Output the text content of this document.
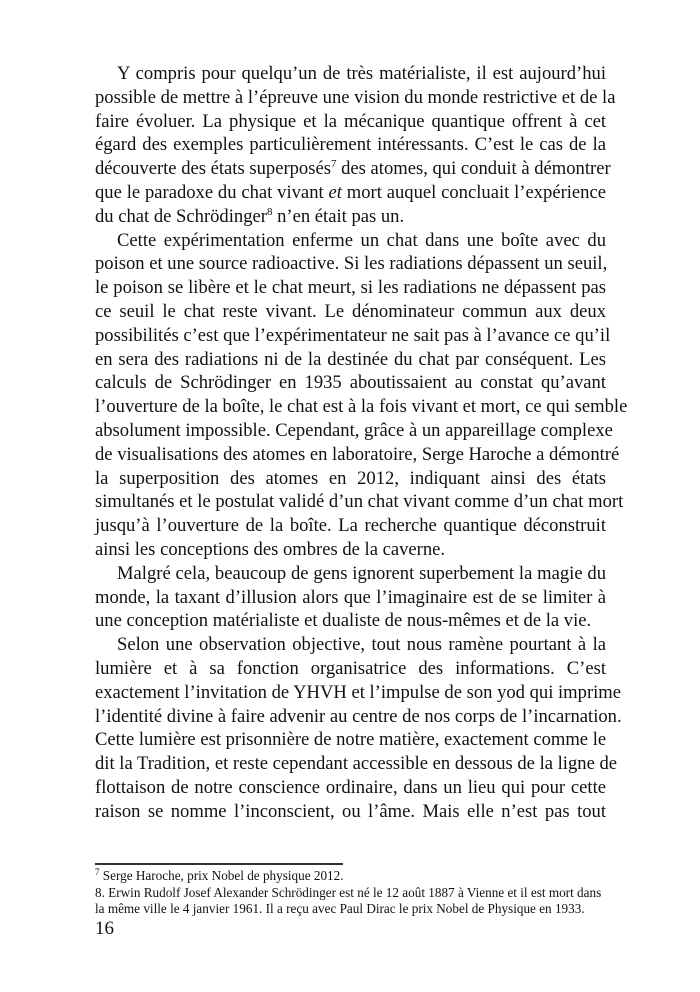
Y compris pour quelqu’un de très matérialiste, il est aujourd’hui
possible de mettre à l’épreuve une vision du monde restrictive et de la
faire évoluer. La physique et la mécanique quantique offrent à cet
égard des exemples particulièrement intéressants. C’est le cas de la
découverte des états superposés$^7$ des atomes, qui conduit à démontrer
que le paradoxe du chat vivant et mort auquel concluait l’expérience
du chat de Schrödinger$^8$ n’en était pas un.
Cette expérimentation enferme un chat dans une boîte avec du
poison et une source radioactive. Si les radiations dépassent un seuil,
le poison se libère et le chat meurt, si les radiations ne dépassent pas
ce seuil le chat reste vivant. Le dénominateur commun aux deux
possibilités c’est que l’expérimentateur ne sait pas à l’avance ce qu’il
en sera des radiations ni de la destinée du chat par conséquent. Les
calculs de Schrödinger en 1935 aboutissaient au constat qu’avant
l’ouverture de la boîte, le chat est à la fois vivant et mort, ce qui semble
absolument impossible. Cependant, grâce à un appareillage complexe
de visualisations des atomes en laboratoire, Serge Haroche a démontré
la superposition des atomes en 2012, indiquant ainsi des états
simultanés et le postulat validé d’un chat vivant comme d’un chat mort
jusqu’à l’ouverture de la boîte. La recherche quantique déconstruit
ainsi les conceptions des ombres de la caverne.
Malgré cela, beaucoup de gens ignorent superbement la magie du
monde, la taxant d’illusion alors que l’imaginaire est de se limiter à
une conception matérialiste et dualiste de nous-mêmes et de la vie.
Selon une observation objective, tout nous ramène pourtant à la
lumière et à sa fonction organisatrice des informations. C’est
exactement l’invitation de YHVH et l’impulse de son yod qui imprime
l’identité divine à faire advenir au centre de nos corps de l’incarnation.
Cette lumière est prisonnière de notre matière, exactement comme le
dit la Tradition, et reste cependant accessible en dessous de la ligne de
flottaison de notre conscience ordinaire, dans un lieu qui pour cette
raison se nomme l’inconscient, ou l’âme. Mais elle n’est pas tout
$^7$ Serge Haroche, prix Nobel de physique 2012.
8. Erwin Rudolf Josef Alexander Schrödinger est né le 12 août 1887 à Vienne et il est mort dans
la même ville le 4 janvier 1961. Il a reçu avec Paul Dirac le prix Nobel de Physique en 1933.
16
